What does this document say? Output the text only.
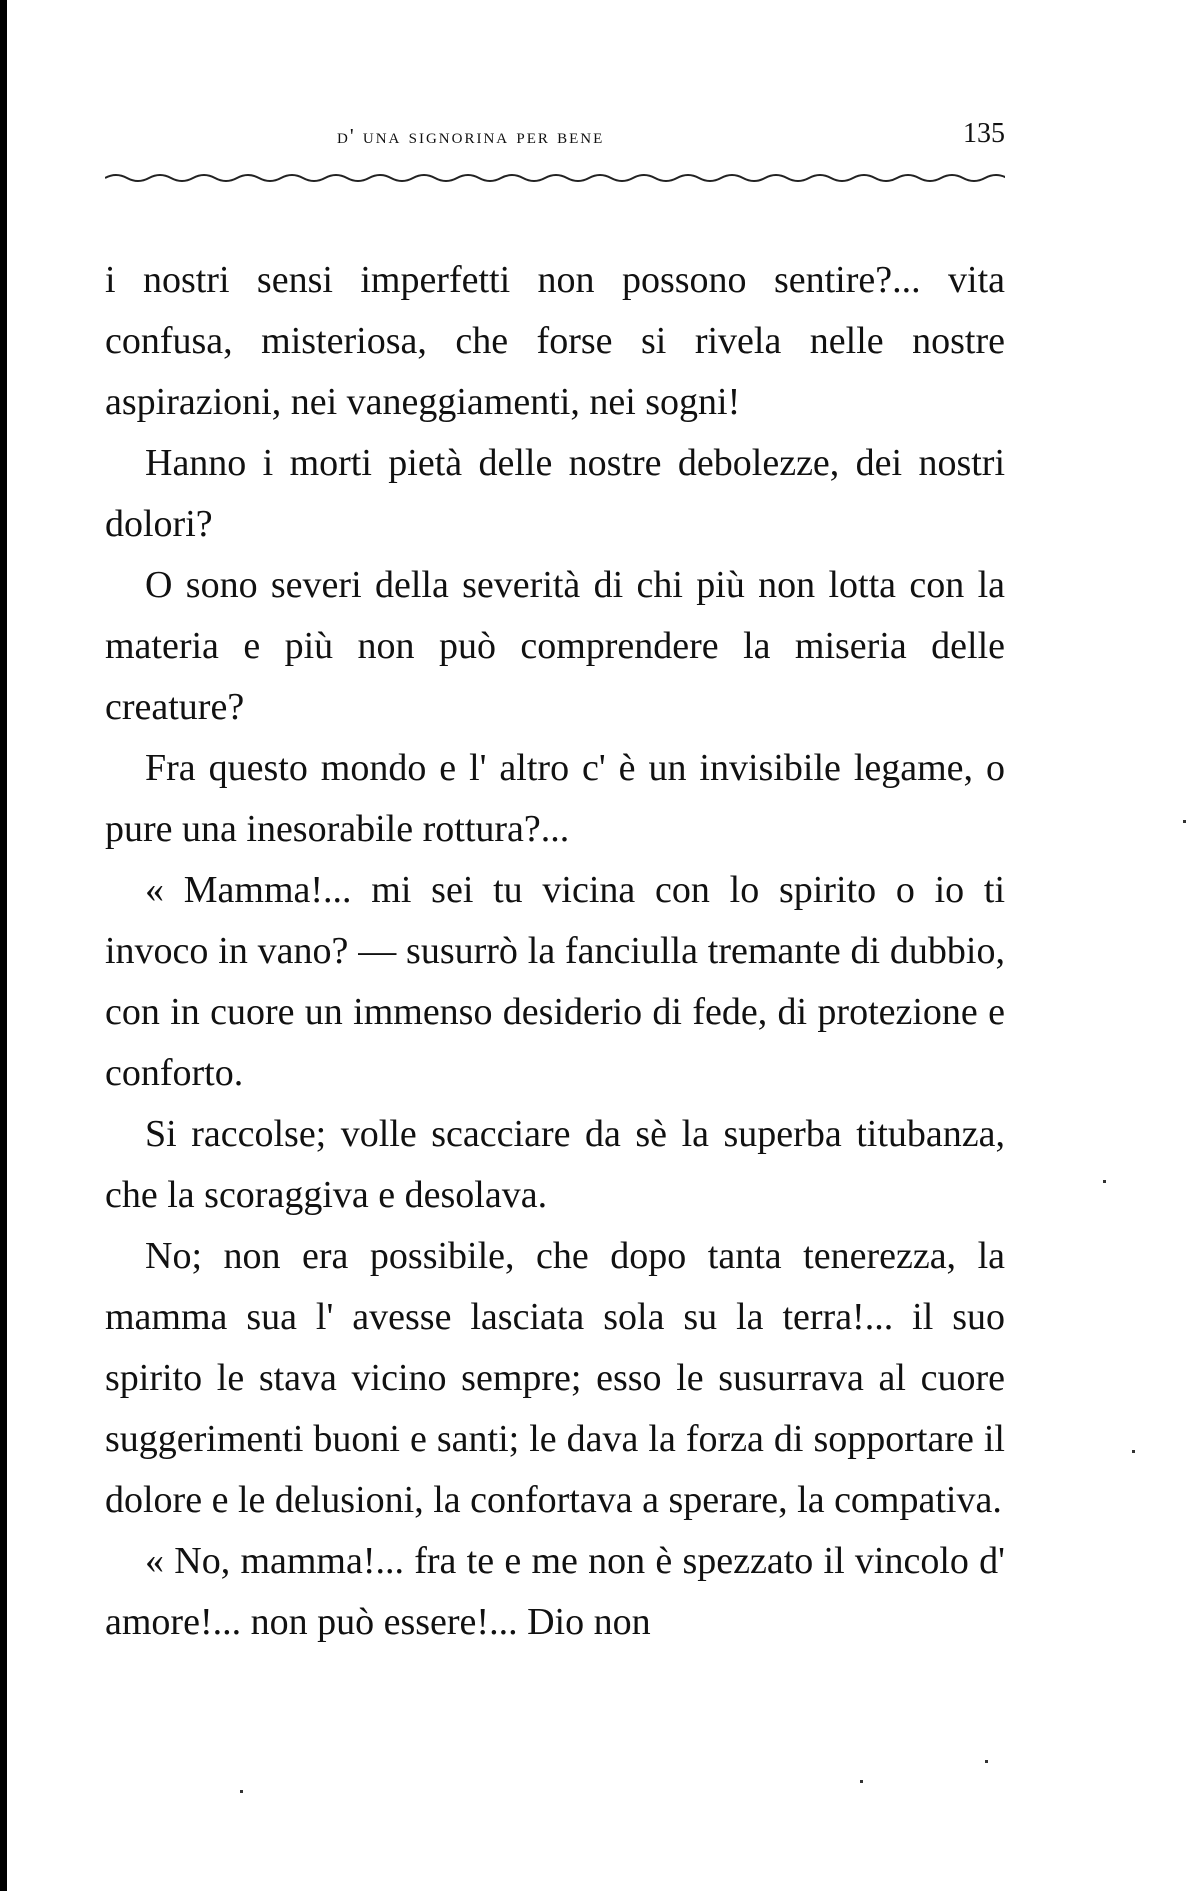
d' una signorina per bene	135

i nostri sensi imperfetti non possono sentire?... vita confusa, misteriosa, che forse si rivela nelle nostre aspirazioni, nei vaneggiamenti, nei sogni!

Hanno i morti pietà delle nostre debolezze, dei nostri dolori?

O sono severi della severità di chi più non lotta con la materia e più non può comprendere la miseria delle creature?

Fra questo mondo e l' altro c' è un invisibile legame, o pure una inesorabile rottura?...

« Mamma!... mi sei tu vicina con lo spirito o io ti invoco in vano? — susurrò la fanciulla tremante di dubbio, con in cuore un immenso desiderio di fede, di protezione e conforto.

Si raccolse; volle scacciare da sè la superba titubanza, che la scoraggiva e desolava.

No; non era possibile, che dopo tanta tenerezza, la mamma sua l' avesse lasciata sola su la terra!... il suo spirito le stava vicino sempre; esso le susurrava al cuore suggerimenti buoni e santi; le dava la forza di sopportare il dolore e le delusioni, la confortava a sperare, la compativa.

« No, mamma!... fra te e me non è spezzato il vincolo d' amore!... non può essere!... Dio non
